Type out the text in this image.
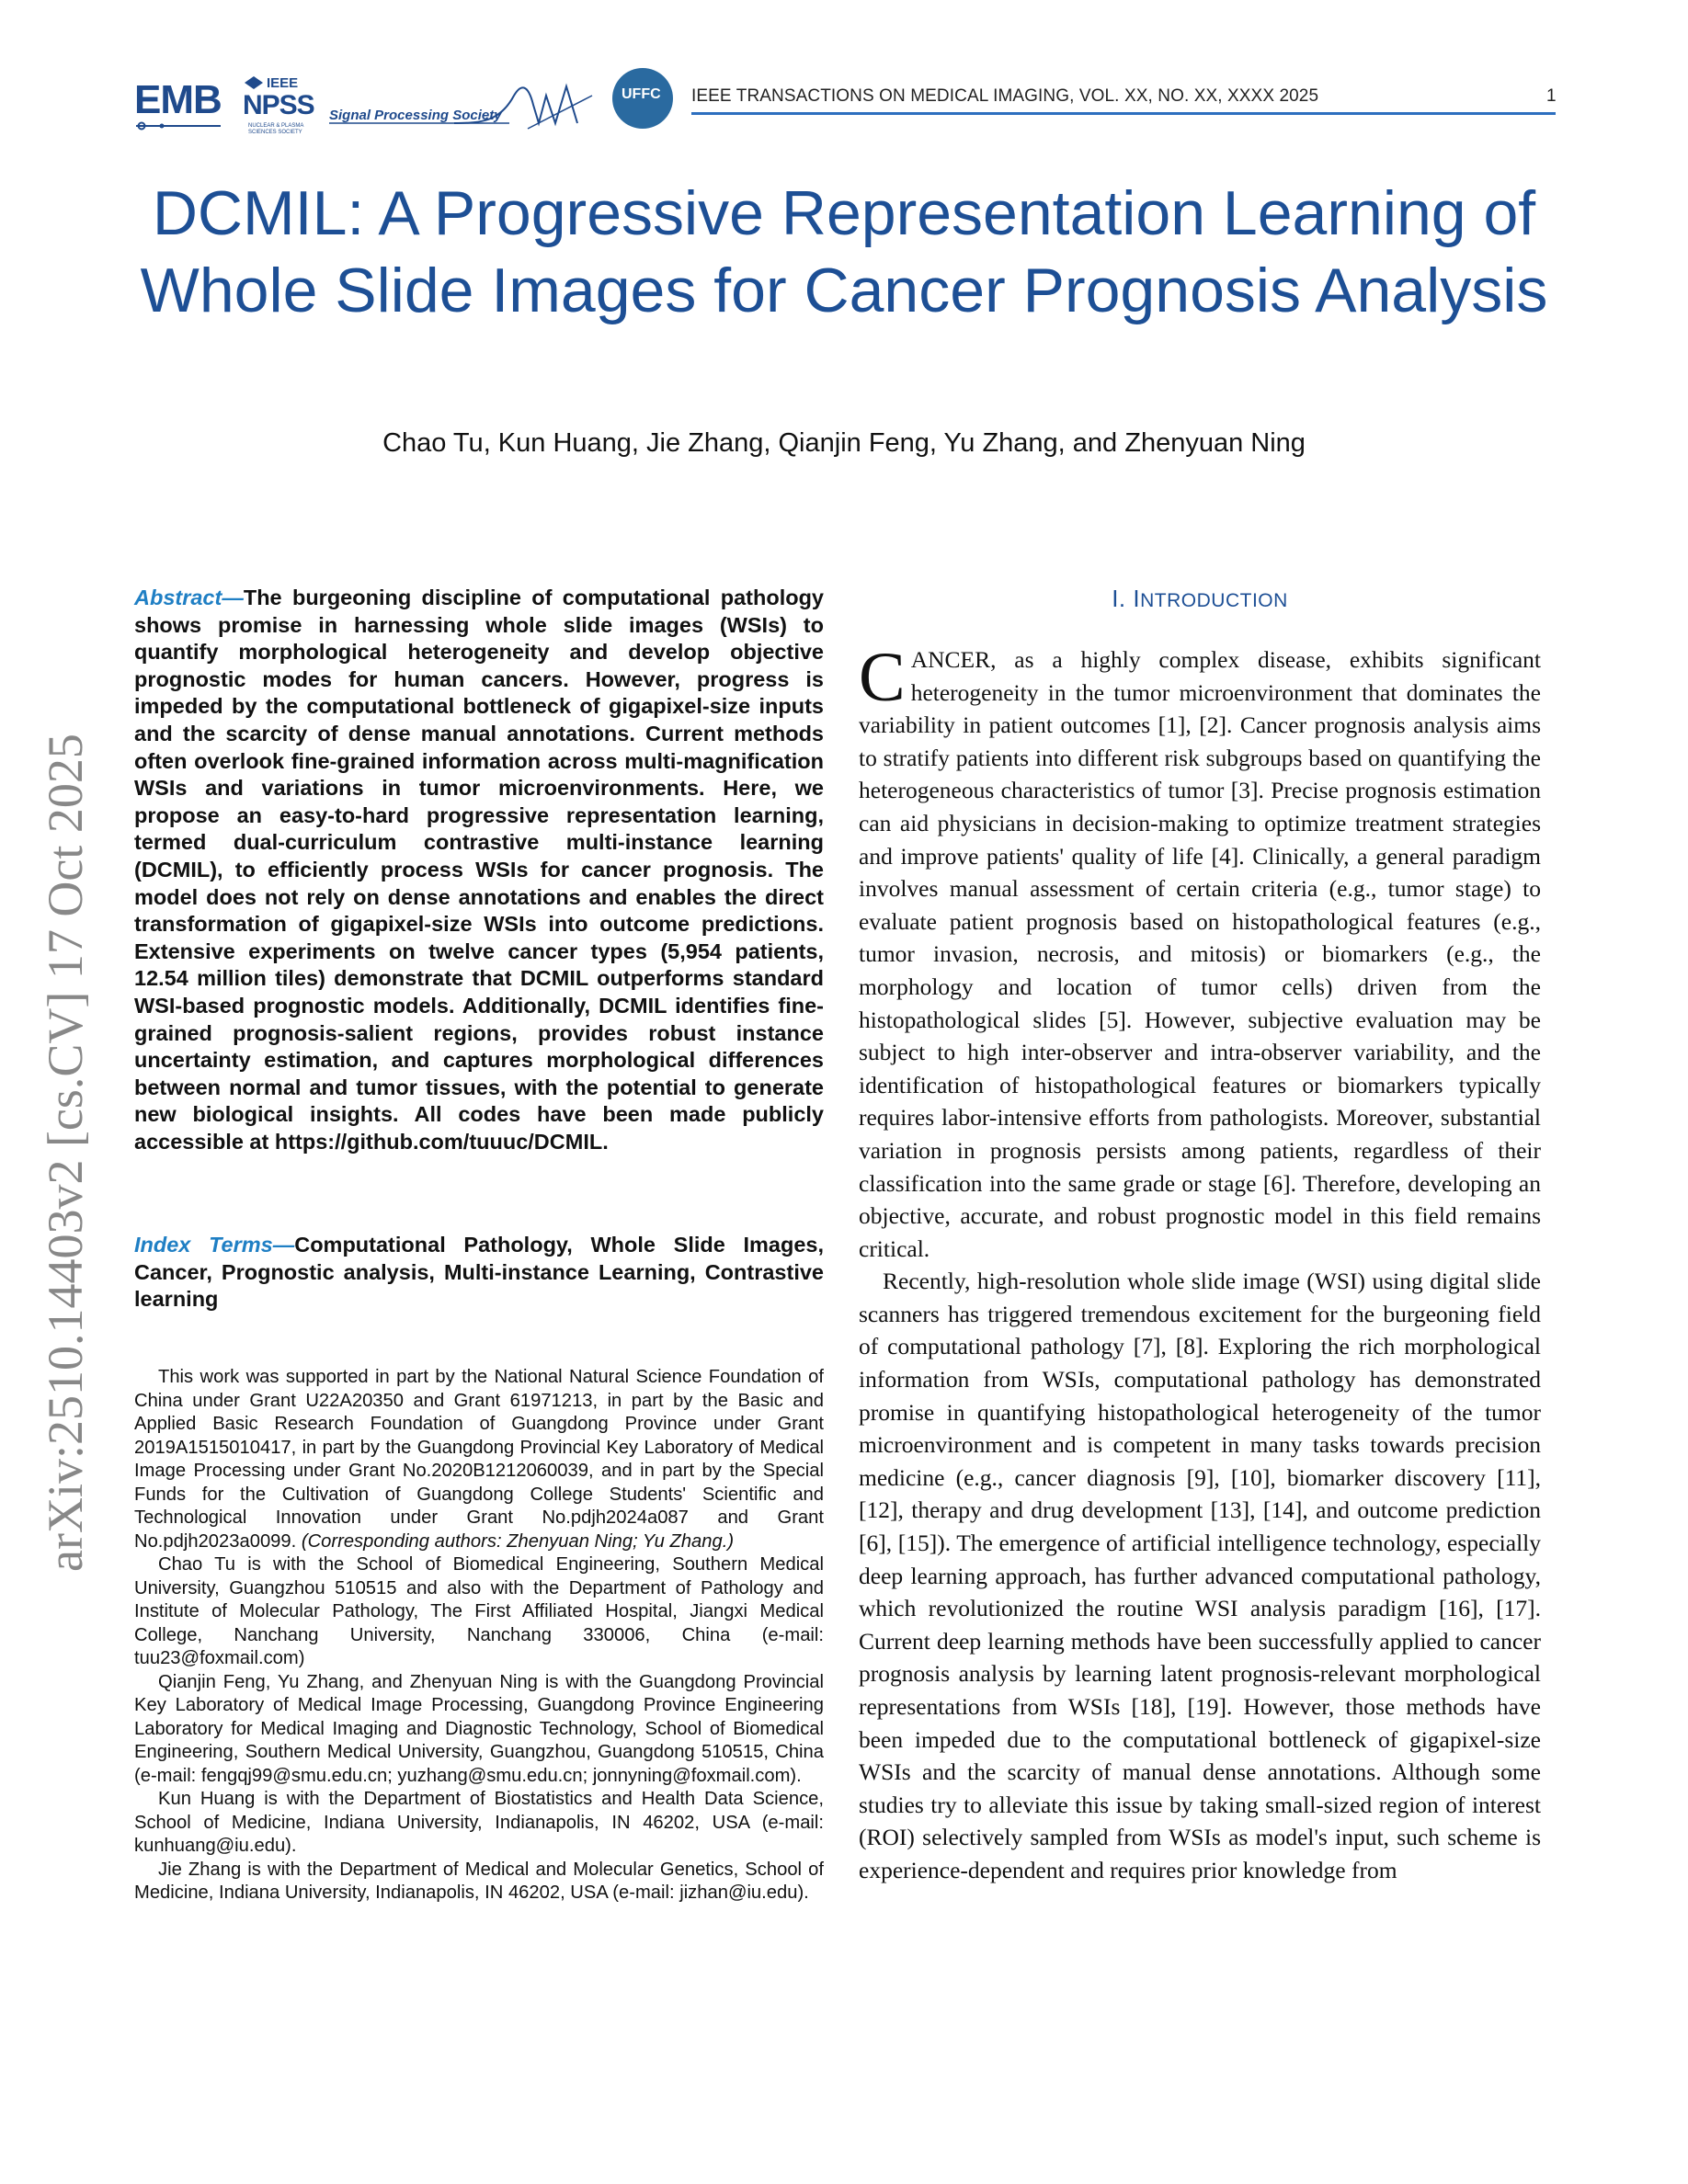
EMB	IEEE
NPSS
NUCLEAR & PLASMA SCIENCES SOCIETY
Signal Processing Society
UFFC IEEE TRANSACTIONS ON MEDICAL IMAGING, VOL. XX, NO. XX, XXXX 2025	1
DCMIL: A Progressive Representation Learning of Whole Slide Images for Cancer Prognosis Analysis
Chao Tu, Kun Huang, Jie Zhang, Qianjin Feng, Yu Zhang, and Zhenyuan Ning
arXiv:2510.14403v2 [cs.CV] 17 Oct 2025
Abstract—The burgeoning discipline of computational pathology shows promise in harnessing whole slide images (WSIs) to quantify morphological heterogeneity and develop objective prognostic modes for human cancers. However, progress is impeded by the computational bottleneck of gigapixel-size inputs and the scarcity of dense manual annotations. Current methods often overlook fine-grained information across multi-magnification WSIs and variations in tumor microenvironments. Here, we propose an easy-to-hard progressive representation learning, termed dual-curriculum contrastive multi-instance learning (DCMIL), to efficiently process WSIs for cancer prognosis. The model does not rely on dense annotations and enables the direct transformation of gigapixel-size WSIs into outcome predictions. Extensive experiments on twelve cancer types (5,954 patients, 12.54 million tiles) demonstrate that DCMIL outperforms standard WSI-based prognostic models. Additionally, DCMIL identifies fine-grained prognosis-salient regions, provides robust instance uncertainty estimation, and captures morphological differences between normal and tumor tissues, with the potential to generate new biological insights. All codes have been made publicly accessible at https://github.com/tuuuc/DCMIL.
Index Terms—Computational Pathology, Whole Slide Images, Cancer, Prognostic analysis, Multi-instance Learning, Contrastive learning

This work was supported in part by the National Natural Science Foundation of China under Grant U22A20350 and Grant 61971213, in part by the Basic and Applied Basic Research Foundation of Guangdong Province under Grant 2019A1515010417, in part by the Guangdong Provincial Key Laboratory of Medical Image Processing under Grant No.2020B1212060039, and in part by the Special Funds for the Cultivation of Guangdong College Students' Scientific and Technological Innovation under Grant No.pdjh2024a087 and Grant No.pdjh2023a0099. (Corresponding authors: Zhenyuan Ning; Yu Zhang.)

Chao Tu is with the School of Biomedical Engineering, Southern Medical University, Guangzhou 510515 and also with the Department of Pathology and Institute of Molecular Pathology, The First Affiliated Hospital, Jiangxi Medical College, Nanchang University, Nanchang 330006, China (e-mail: tuu23@foxmail.com)

Qianjin Feng, Yu Zhang, and Zhenyuan Ning is with the Guangdong Provincial Key Laboratory of Medical Image Processing, Guangdong Province Engineering Laboratory for Medical Imaging and Diagnostic Technology, School of Biomedical Engineering, Southern Medical University, Guangzhou, Guangdong 510515, China (e-mail: fengqj99@smu.edu.cn; yuzhang@smu.edu.cn; jonnyning@foxmail.com).

Kun Huang is with the Department of Biostatistics and Health Data Science, School of Medicine, Indiana University, Indianapolis, IN 46202, USA (e-mail: kunhuang@iu.edu).

Jie Zhang is with the Department of Medical and Molecular Genetics, School of Medicine, Indiana University, Indianapolis, IN 46202, USA (e-mail: jizhan@iu.edu).

I. INTRODUCTION

CANCER, as a highly complex disease, exhibits significant heterogeneity in the tumor microenvironment that dominates the variability in patient outcomes [1], [2]. Cancer prognosis analysis aims to stratify patients into different risk subgroups based on quantifying the heterogeneous characteristics of tumor [3]. Precise prognosis estimation can aid physicians in decision-making to optimize treatment strategies and improve patients' quality of life [4]. Clinically, a general paradigm involves manual assessment of certain criteria (e.g., tumor stage) to evaluate patient prognosis based on histopathological features (e.g., tumor invasion, necrosis, and mitosis) or biomarkers (e.g., the morphology and location of tumor cells) driven from the histopathological slides [5]. However, subjective evaluation may be subject to high inter-observer and intra-observer variability, and the identification of histopathological features or biomarkers typically requires labor-intensive efforts from pathologists. Moreover, substantial variation in prognosis persists among patients, regardless of their classification into the same grade or stage [6]. Therefore, developing an objective, accurate, and robust prognostic model in this field remains critical.

Recently, high-resolution whole slide image (WSI) using digital slide scanners has triggered tremendous excitement for the burgeoning field of computational pathology [7], [8]. Exploring the rich morphological information from WSIs, computational pathology has demonstrated promise in quantifying histopathological heterogeneity of the tumor microenvironment and is competent in many tasks towards precision medicine (e.g., cancer diagnosis [9], [10], biomarker discovery [11], [12], therapy and drug development [13], [14], and outcome prediction [6], [15]). The emergence of artificial intelligence technology, especially deep learning approach, has further advanced computational pathology, which revolutionized the routine WSI analysis paradigm [16], [17]. Current deep learning methods have been successfully applied to cancer prognosis analysis by learning latent prognosis-relevant morphological representations from WSIs [18], [19]. However, those methods have been impeded due to the computational bottleneck of gigapixel-size WSIs and the scarcity of manual dense annotations. Although some studies try to alleviate this issue by taking small-sized region of interest (ROI) selectively sampled from WSIs as model's input, such scheme is experience-dependent and requires prior knowledge from
